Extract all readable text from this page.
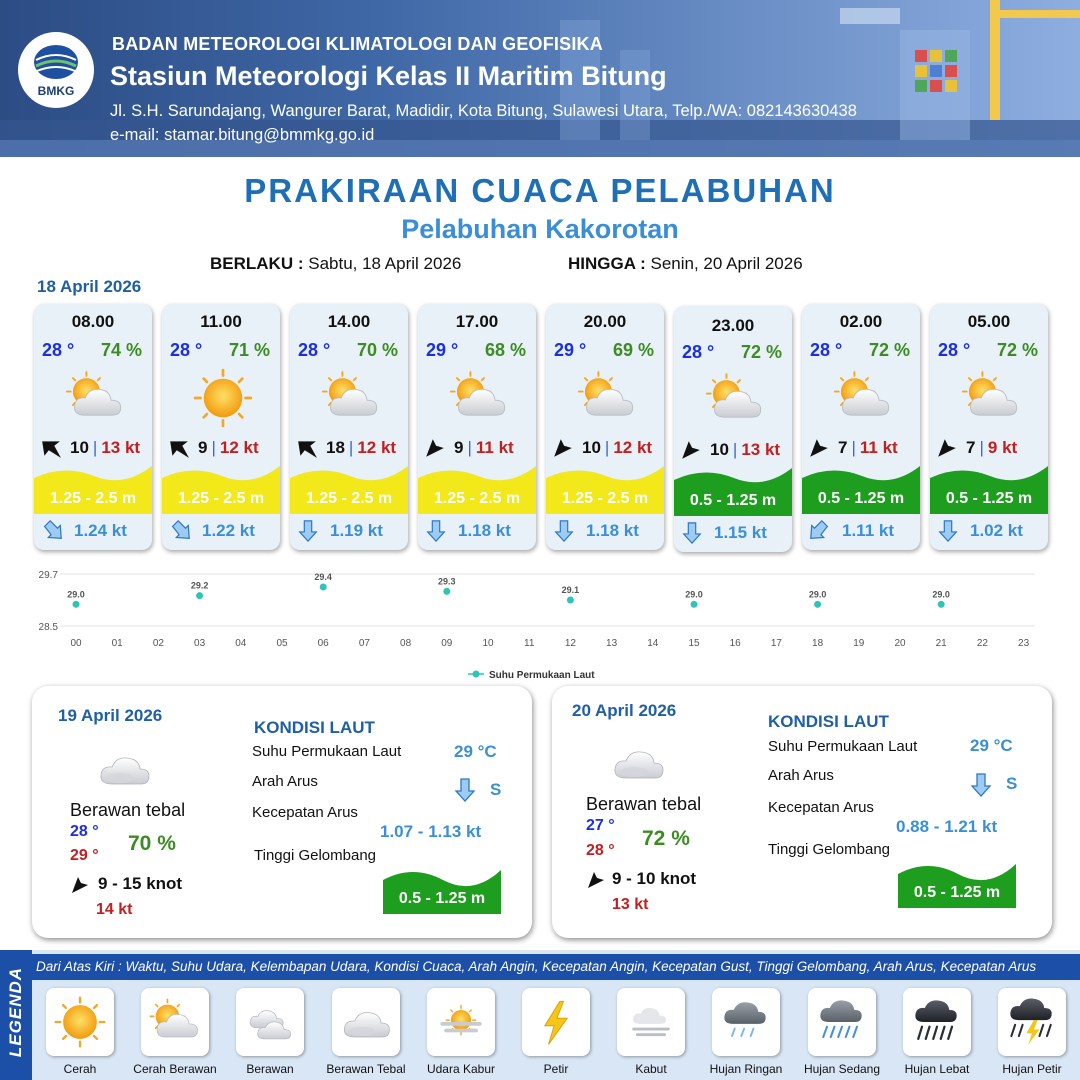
BMKG
BADAN METEOROLOGI KLIMATOLOGI DAN GEOFISIKA
Stasiun Meteorologi Kelas II Maritim Bitung
Jl. S.H. Sarundajang, Wangurer Barat, Madidir, Kota Bitung, Sulawesi Utara, Telp./WA: 082143630438
e-mail: stamar.bitung@bmmkg.go.id
PRAKIRAAN CUACA PELABUHAN
Pelabuhan Kakorotan
BERLAKU : Sabtu, 18 April 2026	HINGGA : Senin, 20 April 2026
18 April 2026
08.00
28 ° 74 %
10 | 13 kt
1.25 - 2.5 m
1.24 kt
11.00
28 ° 71 %
9 | 12 kt
1.25 - 2.5 m
1.22 kt
14.00
28 ° 70 %
18 | 12 kt
1.25 - 2.5 m
1.19 kt
17.00
29 ° 68 %
9 | 11 kt
1.25 - 2.5 m
1.18 kt
20.00
29 ° 69 %
10 | 12 kt
1.25 - 2.5 m
1.18 kt
23.00
28 ° 72 %
10 | 13 kt
0.5 - 1.25 m
1.15 kt
02.00
28 ° 72 %
7 | 11 kt
0.5 - 1.25 m
1.11 kt
05.00
28 ° 72 %
7 | 9 kt
0.5 - 1.25 m
1.02 kt
29.7
28.5
00	01	02	03	04	05	06	07	08	09	10	11	12	13	14	15	16	17	18	19	20	21	22	23
29.0
29.2
29.4	29.3
29.1	29.0	29.0	29.0
Suhu Permukaan Laut
19 April 2026
Berawan tebal
28 °
29 °
70 %
9 - 15 knot
14 kt
KONDISI LAUT
Suhu Permukaan Laut	29 °C
Arah Arus	S
Kecepatan Arus
1.07 - 1.13 kt
Tinggi Gelombang
0.5 - 1.25 m
20 April 2026
Berawan tebal
27 °
28 °
72 %
9 - 10 knot
13 kt
KONDISI LAUT
Suhu Permukaan Laut	29 °C
Arah Arus	S
Kecepatan Arus
0.88 - 1.21 kt
Tinggi Gelombang
0.5 - 1.25 m
LEGENDA
Dari Atas Kiri : Waktu, Suhu Udara, Kelembapan Udara, Kondisi Cuaca, Arah Angin, Kecepatan Angin, Kecepatan Gust, Tinggi Gelombang, Arah Arus, Kecepatan Arus
Cerah	Cerah Berawan	Berawan	Berawan Tebal	Udara Kabur	Petir	Kabut	Hujan Ringan	Hujan Sedang	Hujan Lebat	Hujan Petir
